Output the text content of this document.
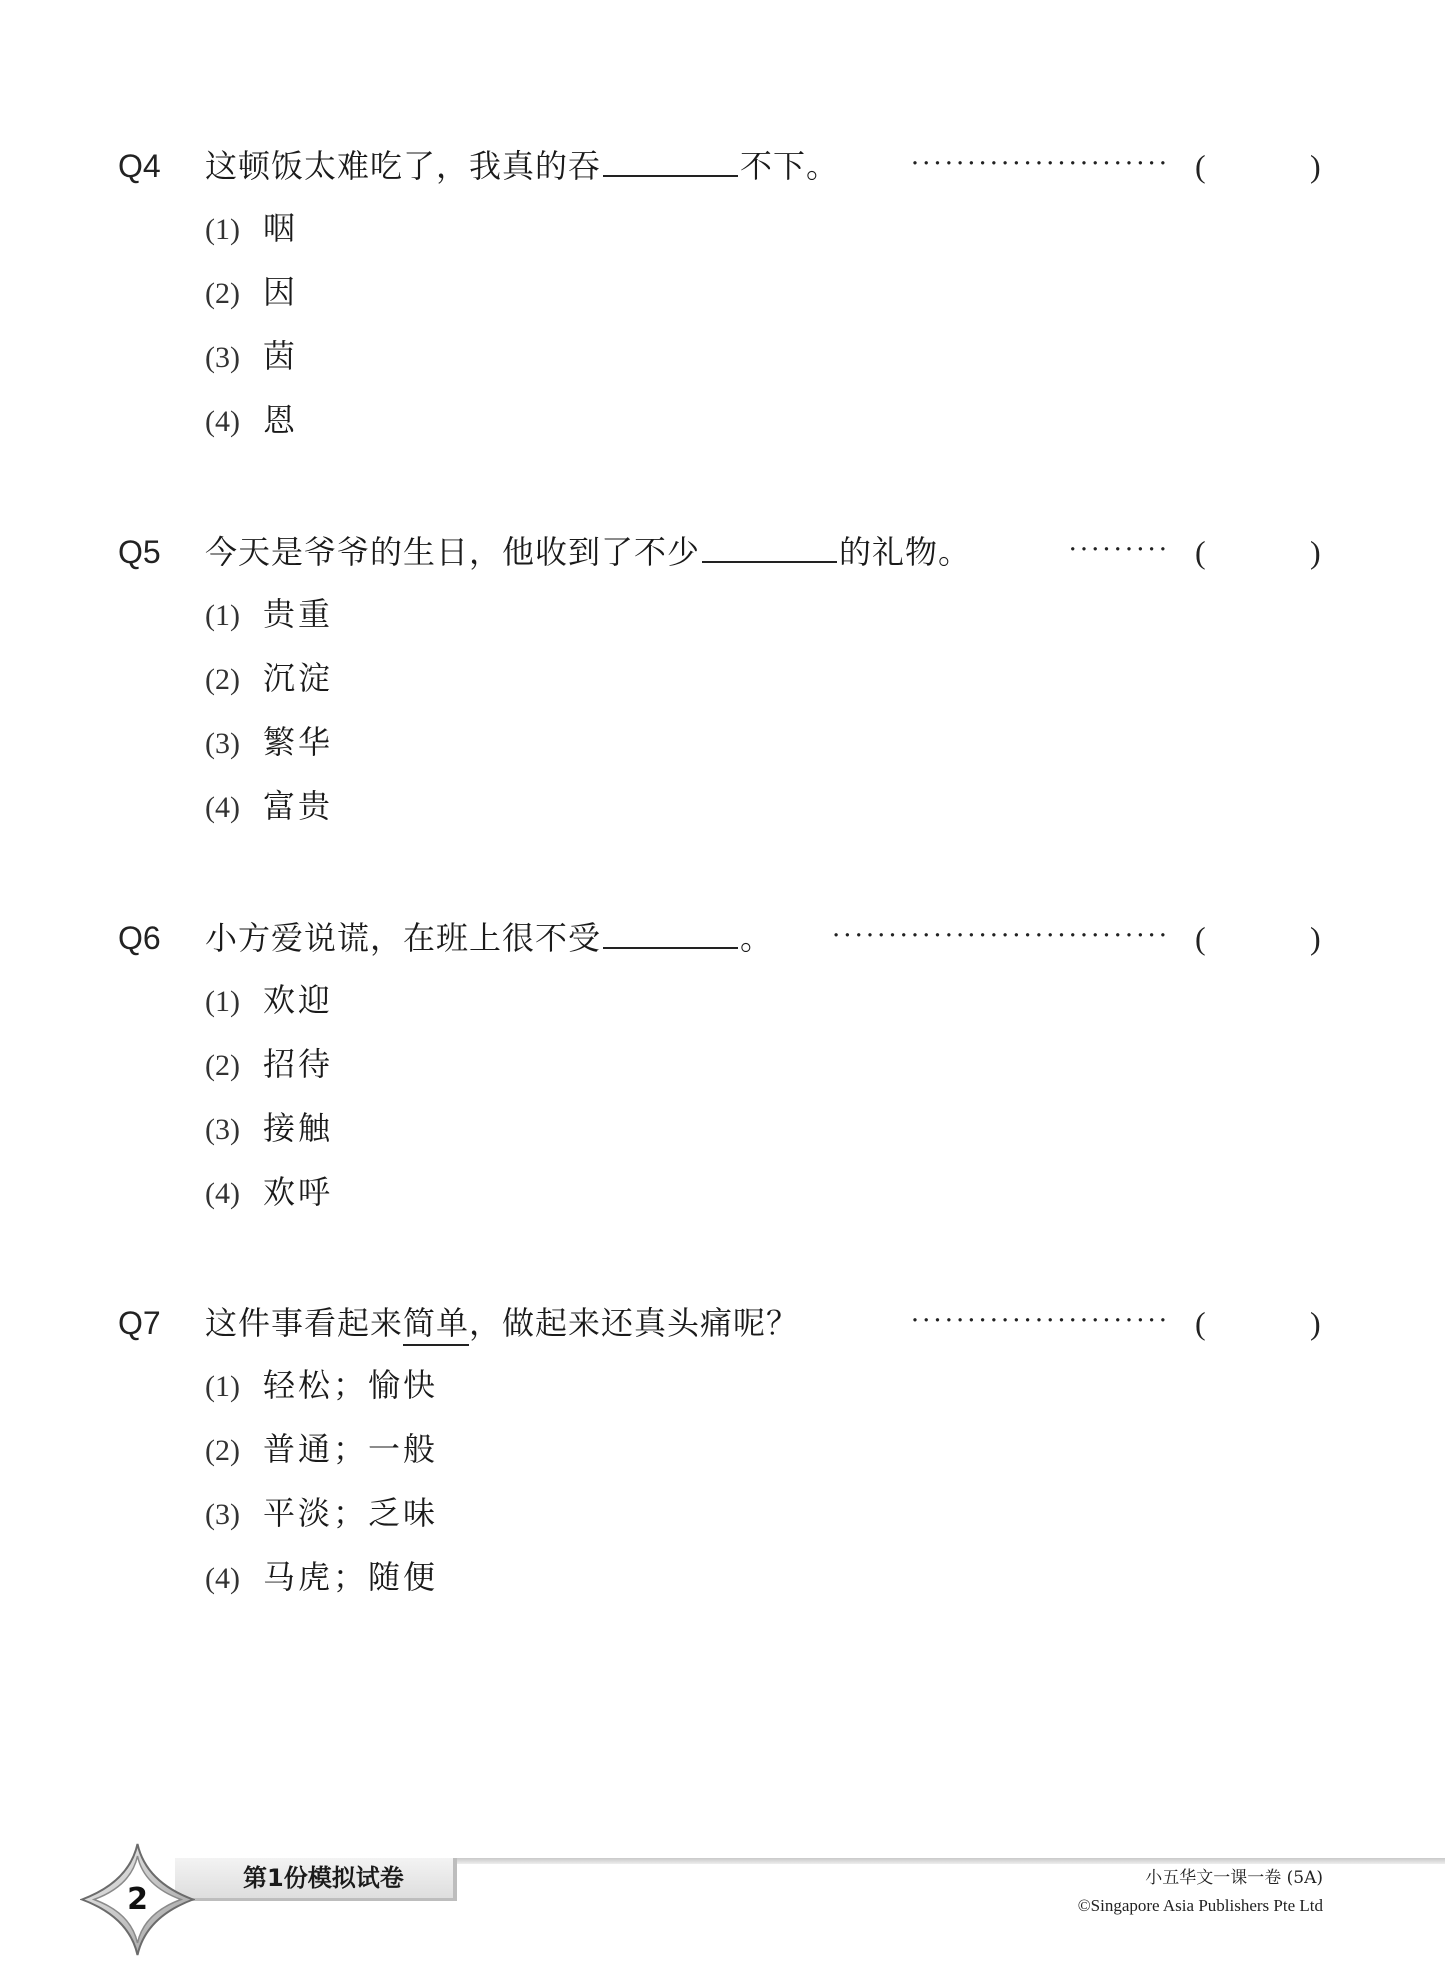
Q4 这顿饭太难吃了，我真的吞	不下。	······················· (	)
(1) 咽
(2) 因
(3) 茵
(4) 恩
Q5 今天是爷爷的生日，他收到了不少	的礼物。	········· (	)
(1) 贵重
(2) 沉淀
(3) 繁华
(4) 富贵
Q6 小方爱说谎，在班上很不受	。 ······························ (	)
(1) 欢迎
(2) 招待
(3) 接触
(4) 欢呼
Q7 这件事看起来简单，做起来还真头痛呢？	······················· (	)
(1) 轻松；愉快
(2) 普通；一般
(3) 平淡；乏味
(4) 马虎；随便
第1份模拟试卷
2
小五华文一课一卷 (5A)
©Singapore Asia Publishers Pte Ltd
